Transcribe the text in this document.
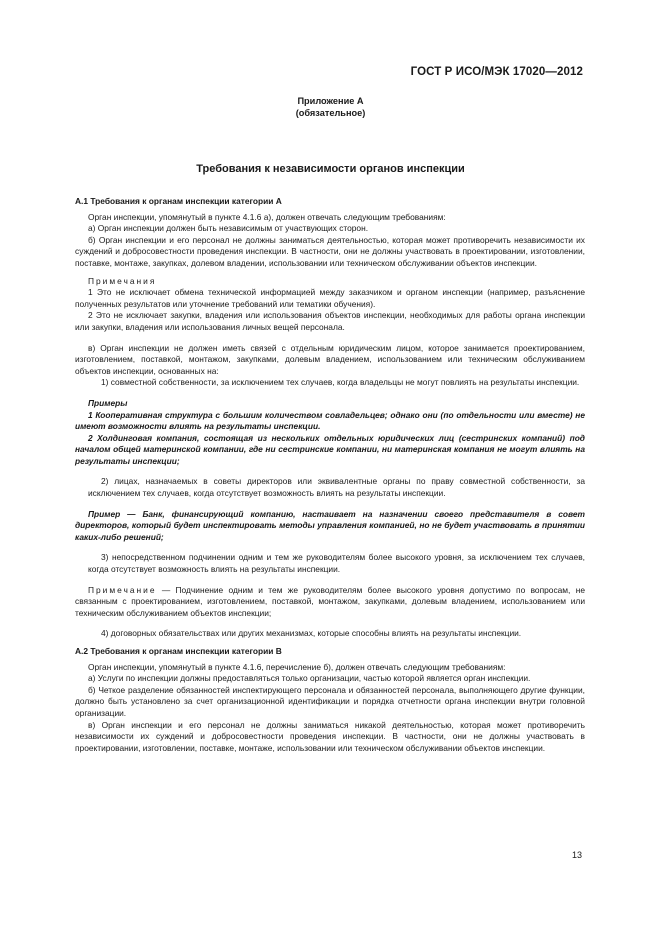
ГОСТ Р ИСО/МЭК 17020—2012
Приложение А
(обязательное)
Требования к независимости органов инспекции
А.1 Требования к органам инспекции категории А

Орган инспекции, упомянутый в пункте 4.1.6 а), должен отвечать следующим требованиям:

а) Орган инспекции должен быть независимым от участвующих сторон.

б) Орган инспекции и его персонал не должны заниматься деятельностью, которая может противоречить независимости их суждений и добросовестности проведения инспекции. В частности, они не должны участвовать в проектировании, изготовлении, поставке, монтаже, закупках, долевом владении, использовании или техническом обслуживании объектов инспекции.

Примечания

1 Это не исключает обмена технической информацией между заказчиком и органом инспекции (например, разъяснение полученных результатов или уточнение требований или тематики обучения).

2 Это не исключает закупки, владения или использования объектов инспекции, необходимых для работы органа инспекции или закупки, владения или использования личных вещей персонала.

в) Орган инспекции не должен иметь связей с отдельным юридическим лицом, которое занимается проектированием, изготовлением, поставкой, монтажом, закупками, долевым владением, использованием или техническим обслуживанием объектов инспекции, основанных на:

1) совместной собственности, за исключением тех случаев, когда владельцы не могут повлиять на результаты инспекции.

Примеры

1 Кооперативная структура с большим количеством совладельцев; однако они (по отдельности или вместе) не имеют возможности влиять на результаты инспекции.

2 Холдинговая компания, состоящая из нескольких отдельных юридических лиц (сестринских компаний) под началом общей материнской компании, где ни сестринские компании, ни материнская компания не могут влиять на результаты инспекции;

2) лицах, назначаемых в советы директоров или эквивалентные органы по праву совместной собственности, за исключением тех случаев, когда отсутствует возможность влиять на результаты инспекции.

Пример — Банк, финансирующий компанию, настаивает на назначении своего представителя в совет директоров, который будет инспектировать методы управления компанией, но не будет участвовать в принятии каких-либо решений;

3) непосредственном подчинении одним и тем же руководителям более высокого уровня, за исключением тех случаев, когда отсутствует возможность влиять на результаты инспекции.

Примечание — Подчинение одним и тем же руководителям более высокого уровня допустимо по вопросам, не связанным с проектированием, изготовлением, поставкой, монтажом, закупками, долевым владением, использованием или техническим обслуживанием объектов инспекции;

4) договорных обязательствах или других механизмах, которые способны влиять на результаты инспекции.

А.2 Требования к органам инспекции категории В

Орган инспекции, упомянутый в пункте 4.1.6, перечисление б), должен отвечать следующим требованиям:

а) Услуги по инспекции должны предоставляться только организации, частью которой является орган инспекции.

б) Четкое разделение обязанностей инспектирующего персонала и обязанностей персонала, выполняющего другие функции, должно быть установлено за счет организационной идентификации и порядка отчетности органа инспекции внутри головной организации.

в) Орган инспекции и его персонал не должны заниматься никакой деятельностью, которая может противоречить независимости их суждений и добросовестности проведения инспекции. В частности, они не должны участвовать в проектировании, изготовлении, поставке, монтаже, использовании или техническом обслуживании объектов инспекции.

13
